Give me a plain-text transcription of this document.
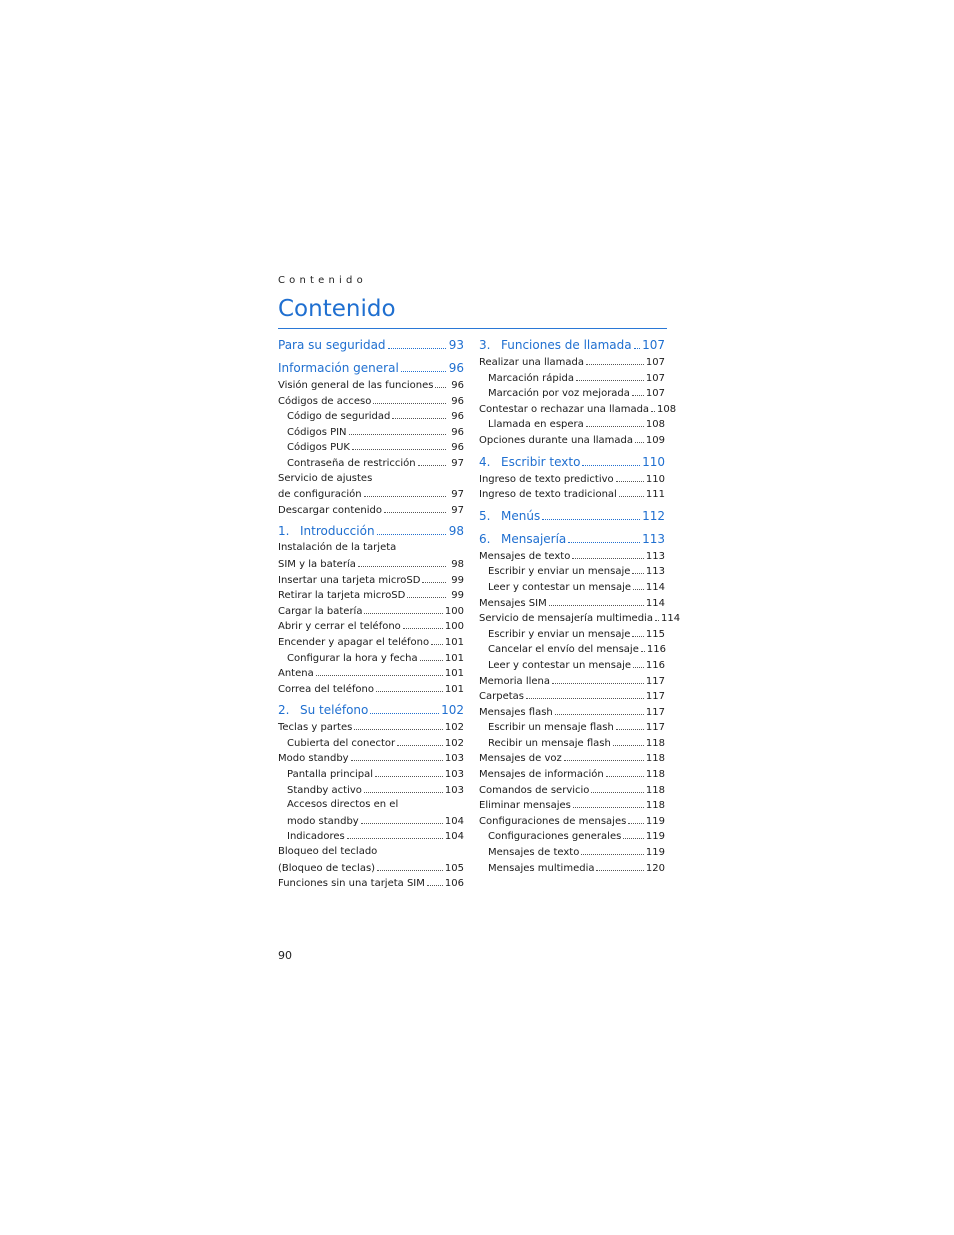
Contenido
Contenido
Para su seguridad	93
Información general	96
Visión general de las funciones	96
Códigos de acceso	96
Código de seguridad	96
Códigos PIN	96
Códigos PUK	96
Contraseña de restricción	97
Servicio de ajustes
de configuración	97
Descargar contenido	97
1. Introducción	98
Instalación de la tarjeta
SIM y la batería	98
Insertar una tarjeta microSD	99
Retirar la tarjeta microSD	99
Cargar la batería	100
Abrir y cerrar el teléfono	100
Encender y apagar el teléfono 101
Configurar la hora y fecha	101
Antena	101
Correa del teléfono	101
2. Su teléfono	102
Teclas y partes	102
Cubierta del conector	102
Modo standby	103
Pantalla principal	103
Standby activo	103
Accesos directos en el
modo standby	104
Indicadores	104
Bloqueo del teclado
(Bloqueo de teclas)	105
Funciones sin una tarjeta SIM 106
3. Funciones de llamada 107
Realizar una llamada	107
Marcación rápida	107
Marcación por voz mejorada 107
Contestar o rechazar una llamada 108
Llamada en espera	108
Opciones durante una llamada 109
4. Escribir texto	110
Ingreso de texto predictivo	110
Ingreso de texto tradicional	111
5. Menús	112
6. Mensajería	113
Mensajes de texto	113
Escribir y enviar un mensaje 113
Leer y contestar un mensaje 114
Mensajes SIM	114
Servicio de mensajería multimedia 114
Escribir y enviar un mensaje 115
Cancelar el envío del mensaje 116
Leer y contestar un mensaje 116
Memoria llena	117
Carpetas	117
Mensajes flash	117
Escribir un mensaje flash	117
Recibir un mensaje flash	118
Mensajes de voz	118
Mensajes de información	118
Comandos de servicio	118
Eliminar mensajes	118
Configuraciones de mensajes 119
Configuraciones generales 119
Mensajes de texto	119
Mensajes multimedia	120
90
